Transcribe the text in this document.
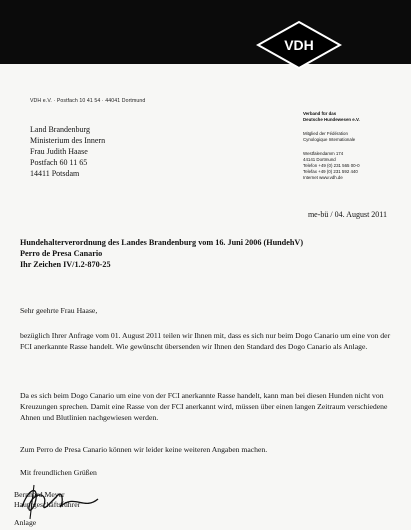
VDH
VDH e.V. · Postfach 10 41 54 · 44041 Dortmund
Land Brandenburg
Ministerium des Innern
Frau Judith Haase
Postfach 60 11 65
14411 Potsdam
Verband für das
Deutsche Hundewesen e.V.
Mitglied der Fédération
Cynologique Internationale
Westfalendamm 174
44141 Dortmund
Telefon +49 (0) 231 565 00-0
Telefax +49 (0) 231 592 440
Internet www.vdh.de
me-bü / 04. August 2011
Hundehalterverordnung des Landes Brandenburg vom 16. Juni 2006 (HundehV)
Perro de Presa Canario
Ihr Zeichen IV/1.2-870-25
Sehr geehrte Frau Haase,
bezüglich Ihrer Anfrage vom 01. August 2011 teilen wir Ihnen mit, dass es sich nur beim Dogo Canario um eine von der FCI anerkannte Rasse handelt. Wie gewünscht übersenden wir Ihnen den Standard des Dogo Canario als Anlage.
Da es sich beim Dogo Canario um eine von der FCI anerkannte Rasse handelt, kann man bei diesen Hunden nicht von Kreuzungen sprechen. Damit eine Rasse von der FCI anerkannt wird, müssen über einen langen Zeitraum verschiedene Ahnen und Blutlinien nachgewiesen werden.
Zum Perro de Presa Canario können wir leider keine weiteren Angaben machen.
Mit freundlichen Grüßen
Bernhard Meyer
Hauptgeschäftsführer
Anlage
